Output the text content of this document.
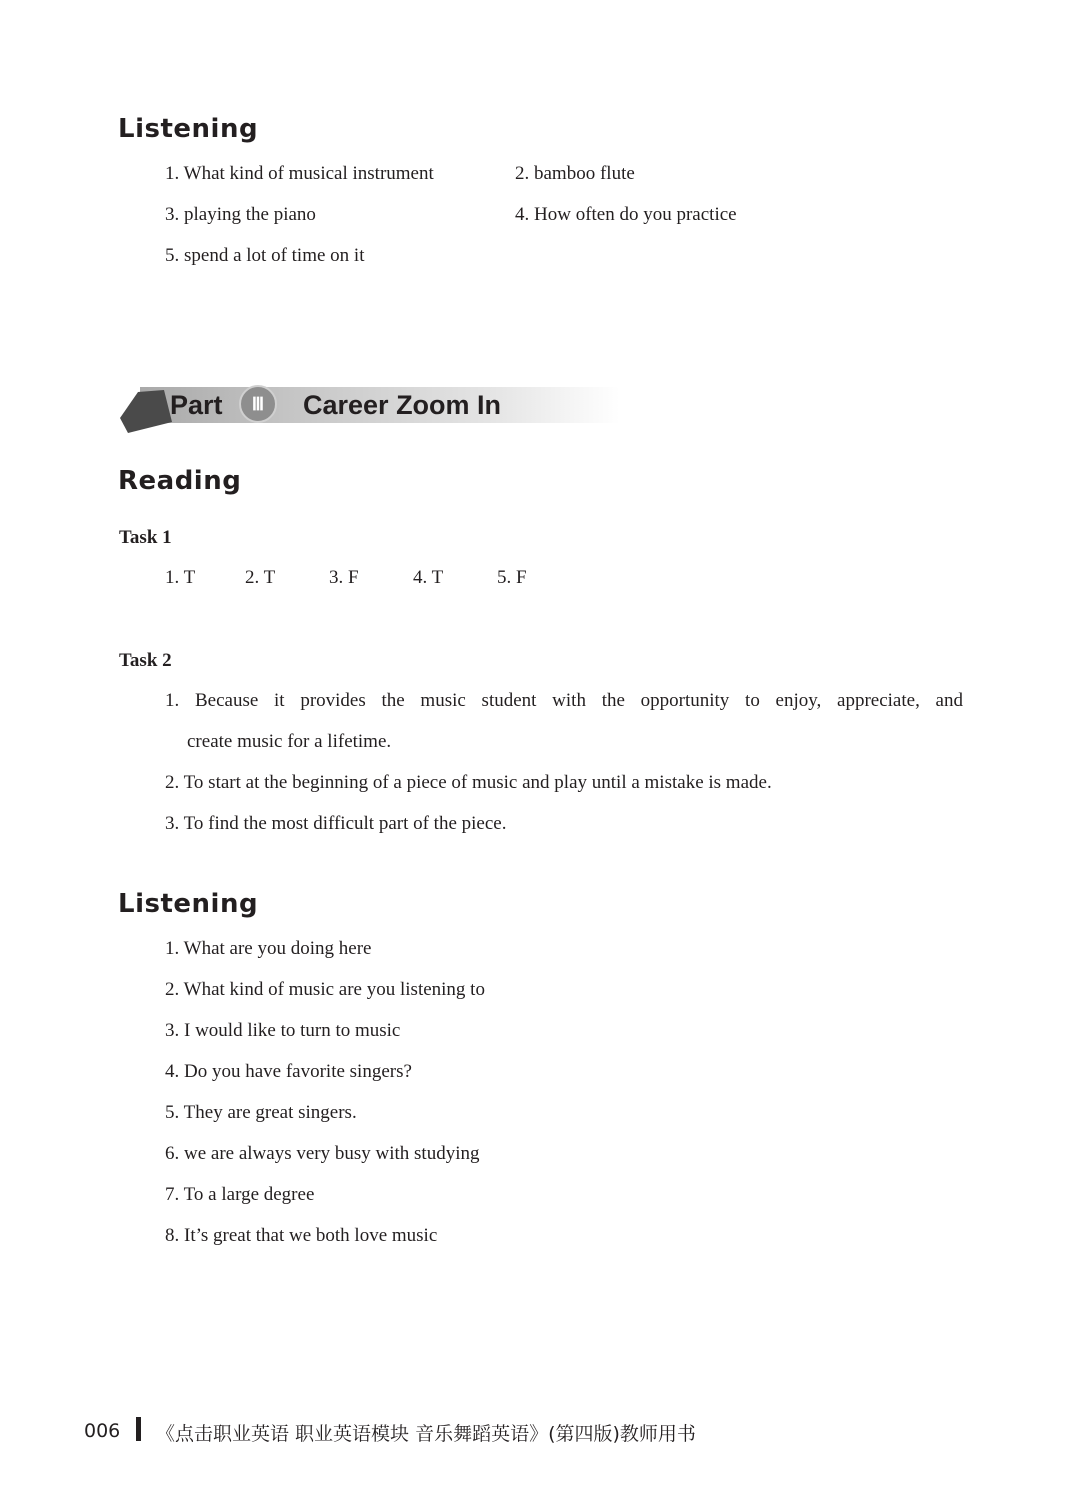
Listening
1. What kind of musical instrument	2. bamboo flute
3. playing the piano	4. How often do you practice
5. spend a lot of time on it
Part	Ⅲ	Career Zoom In
Reading
Task 1
1. T	2. T	3. F	4. T	5. F
Task 2
1. Because it provides the music student with the opportunity to enjoy, appreciate, and
create music for a lifetime.
2. To start at the beginning of a piece of music and play until a mistake is made.
3. To find the most difficult part of the piece.
Listening
1. What are you doing here
2. What kind of music are you listening to
3. I would like to turn to music
4. Do you have favorite singers?
5. They are great singers.
6. we are always very busy with studying
7. To a large degree
8. It’s great that we both love music
006 《点击职业英语 职业英语模块 音乐舞蹈英语》(第四版)教师用书
